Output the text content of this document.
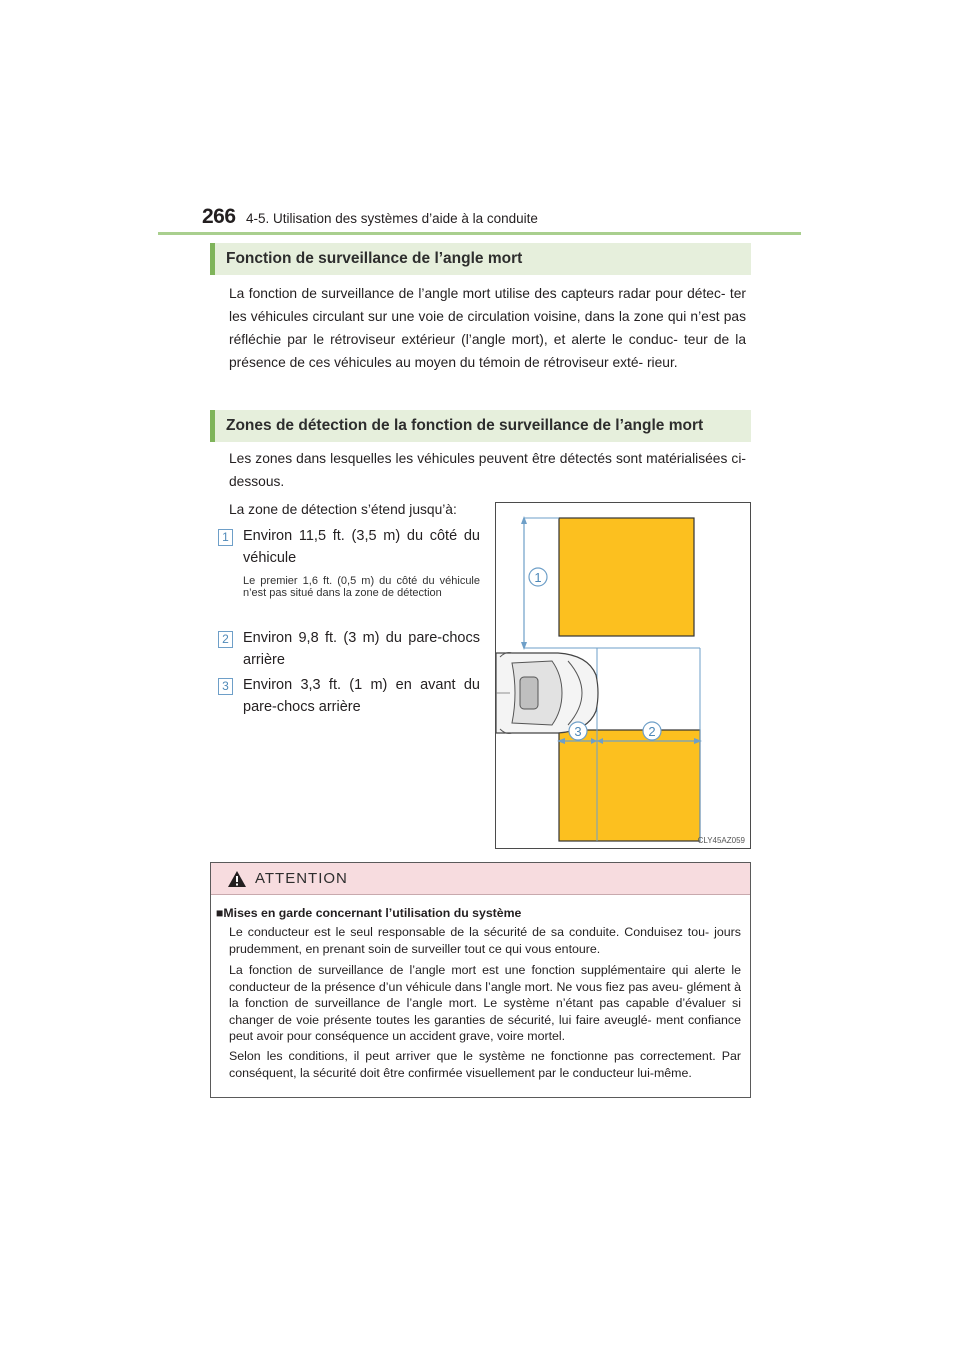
266 4-5. Utilisation des systèmes d’aide à la conduite
Fonction de surveillance de l’angle mort

La fonction de surveillance de l’angle mort utilise des capteurs radar pour détec- ter les véhicules circulant sur une voie de circulation voisine, dans la zone qui n’est pas réfléchie par le rétroviseur extérieur (l’angle mort), et alerte le conduc- teur de la présence de ces véhicules au moyen du témoin de rétroviseur exté- rieur.

Zones de détection de la fonction de surveillance de l’angle mort

Les zones dans lesquelles les véhicules peuvent être détectés sont matérialisées ci-dessous.

La zone de détection s’étend jusqu’à:

1 Environ 11,5 ft. (3,5 m) du côté du véhicule

Le premier 1,6 ft. (0,5 m) du côté du véhicule n’est pas situé dans la zone de détection

2 Environ 9,8 ft. (3 m) du pare-chocs arrière

3 Environ 3,3 ft. (1 m) en avant du pare-chocs arrière

1
3	2
CLY45AZ059
ATTENTION
■Mises en garde concernant l’utilisation du système

Le conducteur est le seul responsable de la sécurité de sa conduite. Conduisez tou- jours prudemment, en prenant soin de surveiller tout ce qui vous entoure.

La fonction de surveillance de l’angle mort est une fonction supplémentaire qui alerte le conducteur de la présence d’un véhicule dans l’angle mort. Ne vous fiez pas aveu- glément à la fonction de surveillance de l’angle mort. Le système n’étant pas capable d’évaluer si changer de voie présente toutes les garanties de sécurité, lui faire aveuglé- ment confiance peut avoir pour conséquence un accident grave, voire mortel.

Selon les conditions, il peut arriver que le système ne fonctionne pas correctement. Par conséquent, la sécurité doit être confirmée visuellement par le conducteur lui-même.
